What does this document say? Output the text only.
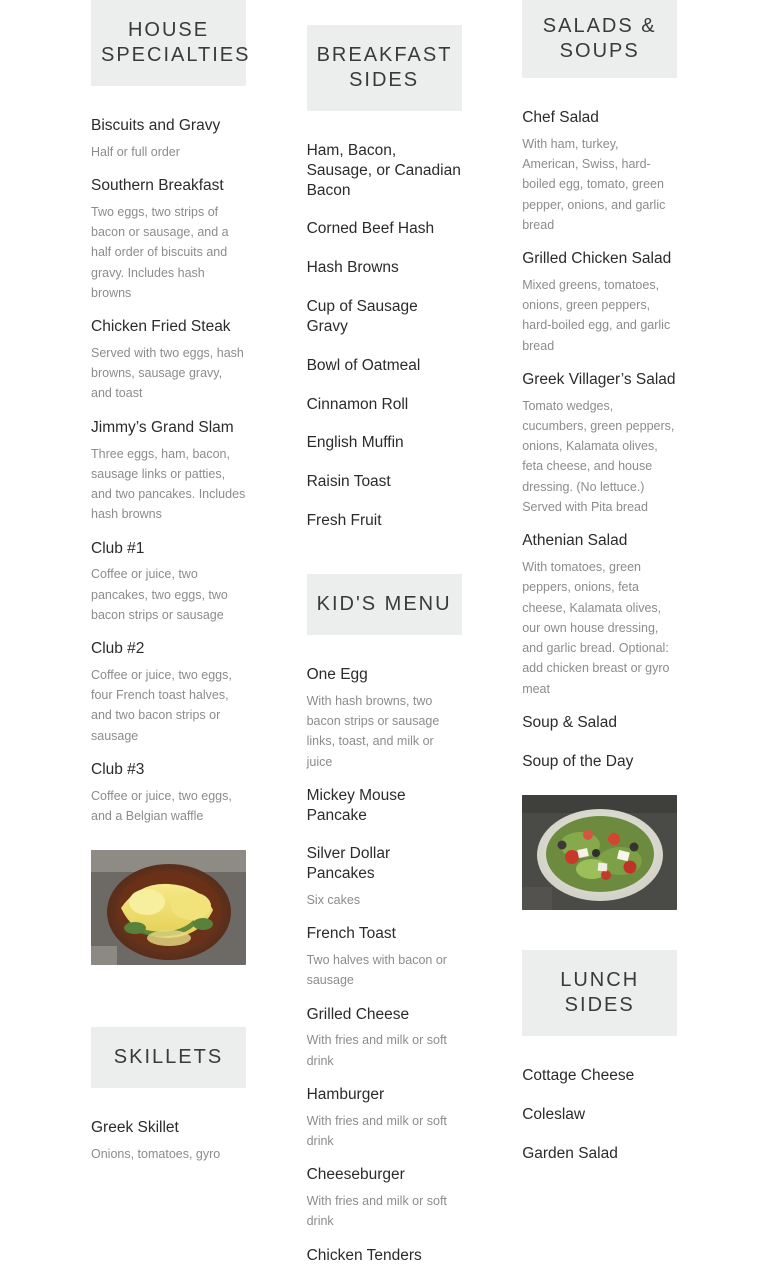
HOUSE SPECIALTIES

Biscuits and Gravy

Half or full order

Southern Breakfast

Two eggs, two strips of bacon or sausage, and a half order of biscuits and gravy. Includes hash browns

Chicken Fried Steak

Served with two eggs, hash browns, sausage gravy, and toast

Jimmy’s Grand Slam

Three eggs, ham, bacon, sausage links or patties, and two pancakes. Includes hash browns

Club #1

Coffee or juice, two pancakes, two eggs, two bacon strips or sausage

Club #2

Coffee or juice, two eggs, four French toast halves, and two bacon strips or sausage

Club #3

Coffee or juice, two eggs, and a Belgian waffle

SKILLETS

Greek Skillet

Onions, tomatoes, gyro

BREAKFAST SIDES

Ham, Bacon, Sausage, or Canadian Bacon

Corned Beef Hash

Hash Browns

Cup of Sausage Gravy

Bowl of Oatmeal

Cinnamon Roll

English Muffin

Raisin Toast

Fresh Fruit

KID'S MENU

One Egg

With hash browns, two bacon strips or sausage links, toast, and milk or juice

Mickey Mouse Pancake

Silver Dollar Pancakes

Six cakes

French Toast

Two halves with bacon or sausage

Grilled Cheese

With fries and milk or soft drink

Hamburger

With fries and milk or soft drink

Cheeseburger

With fries and milk or soft drink

Chicken Tenders

SALADS & SOUPS

Chef Salad

With ham, turkey, American, Swiss, hard-boiled egg, tomato, green pepper, onions, and garlic bread

Grilled Chicken Salad

Mixed greens, tomatoes, onions, green peppers, hard-boiled egg, and garlic bread

Greek Villager’s Salad

Tomato wedges, cucumbers, green peppers, onions, Kalamata olives, feta cheese, and house dressing. (No lettuce.) Served with Pita bread

Athenian Salad

With tomatoes, green peppers, onions, feta cheese, Kalamata olives, our own house dressing, and garlic bread. Optional: add chicken breast or gyro meat

Soup & Salad

Soup of the Day

LUNCH SIDES

Cottage Cheese

Coleslaw

Garden Salad
